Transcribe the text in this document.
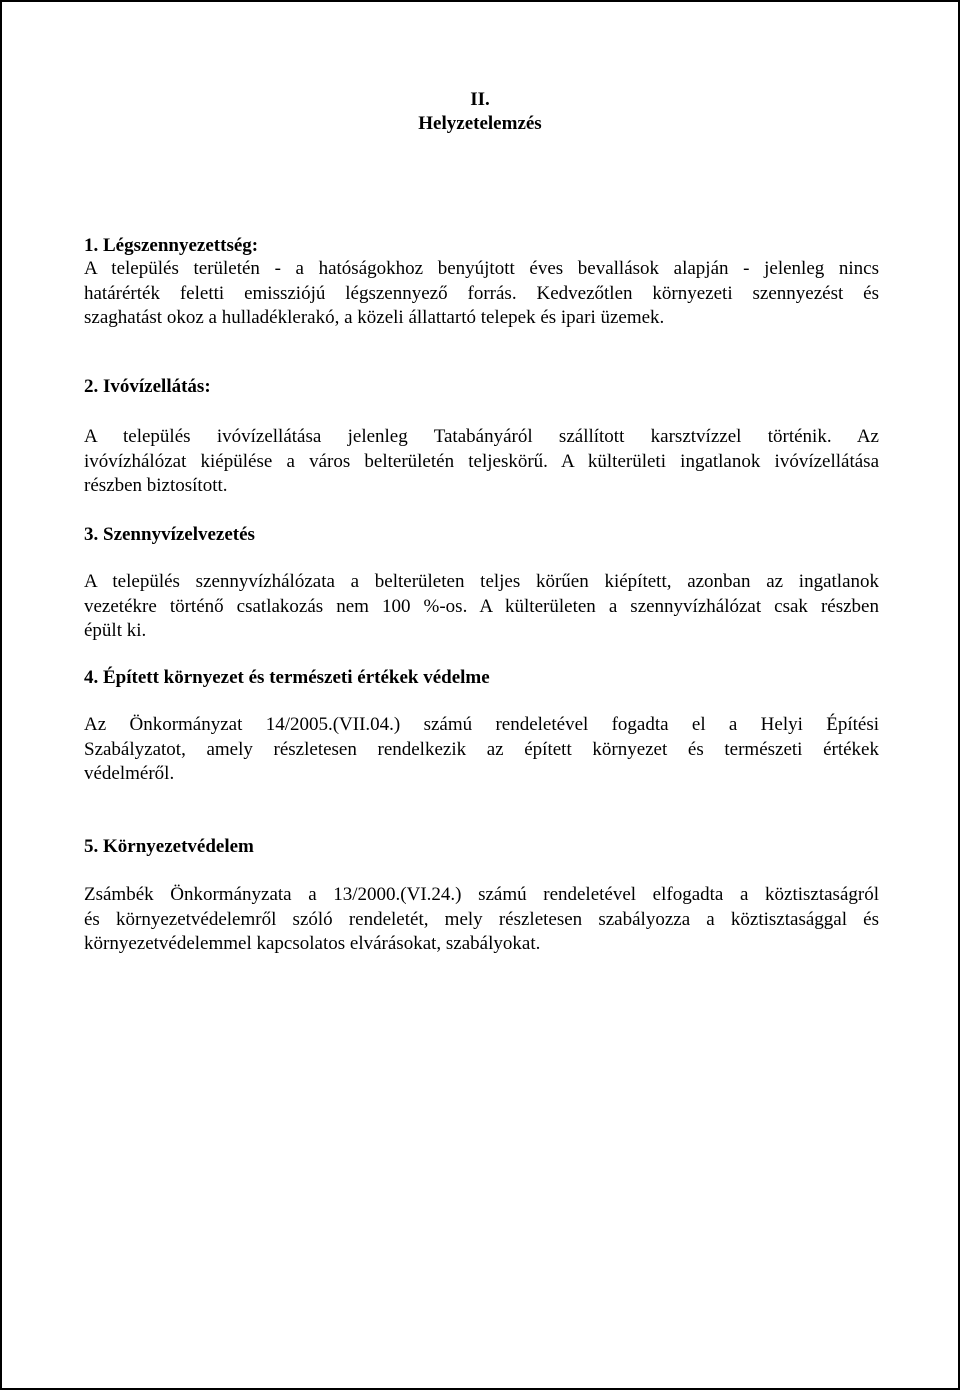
II.
Helyzetelemzés
1. Légszennyezettség:
A település területén - a hatóságokhoz benyújtott éves bevallások alapján - jelenleg nincs
határérték feletti emissziójú légszennyező forrás. Kedvezőtlen környezeti szennyezést és
szaghatást okoz a hulladéklerakó, a közeli állattartó telepek és ipari üzemek.
2. Ivóvízellátás:
A település ivóvízellátása jelenleg Tatabányáról szállított karsztvízzel történik. Az
ivóvízhálózat kiépülése a város belterületén teljeskörű. A külterületi ingatlanok ivóvízellátása
részben biztosított.
3. Szennyvízelvezetés
A település szennyvízhálózata a belterületen teljes körűen kiépített, azonban az ingatlanok
vezetékre történő csatlakozás nem 100 %-os. A külterületen a szennyvízhálózat csak részben
épült ki.
4. Épített környezet és természeti értékek védelme
Az Önkormányzat 14/2005.(VII.04.) számú rendeletével fogadta el a Helyi Építési
Szabályzatot, amely részletesen rendelkezik az épített környezet és természeti értékek
védelméről.
5. Környezetvédelem
Zsámbék Önkormányzata a 13/2000.(VI.24.) számú rendeletével elfogadta a köztisztaságról
és környezetvédelemről szóló rendeletét, mely részletesen szabályozza a köztisztasággal és
környezetvédelemmel kapcsolatos elvárásokat, szabályokat.
